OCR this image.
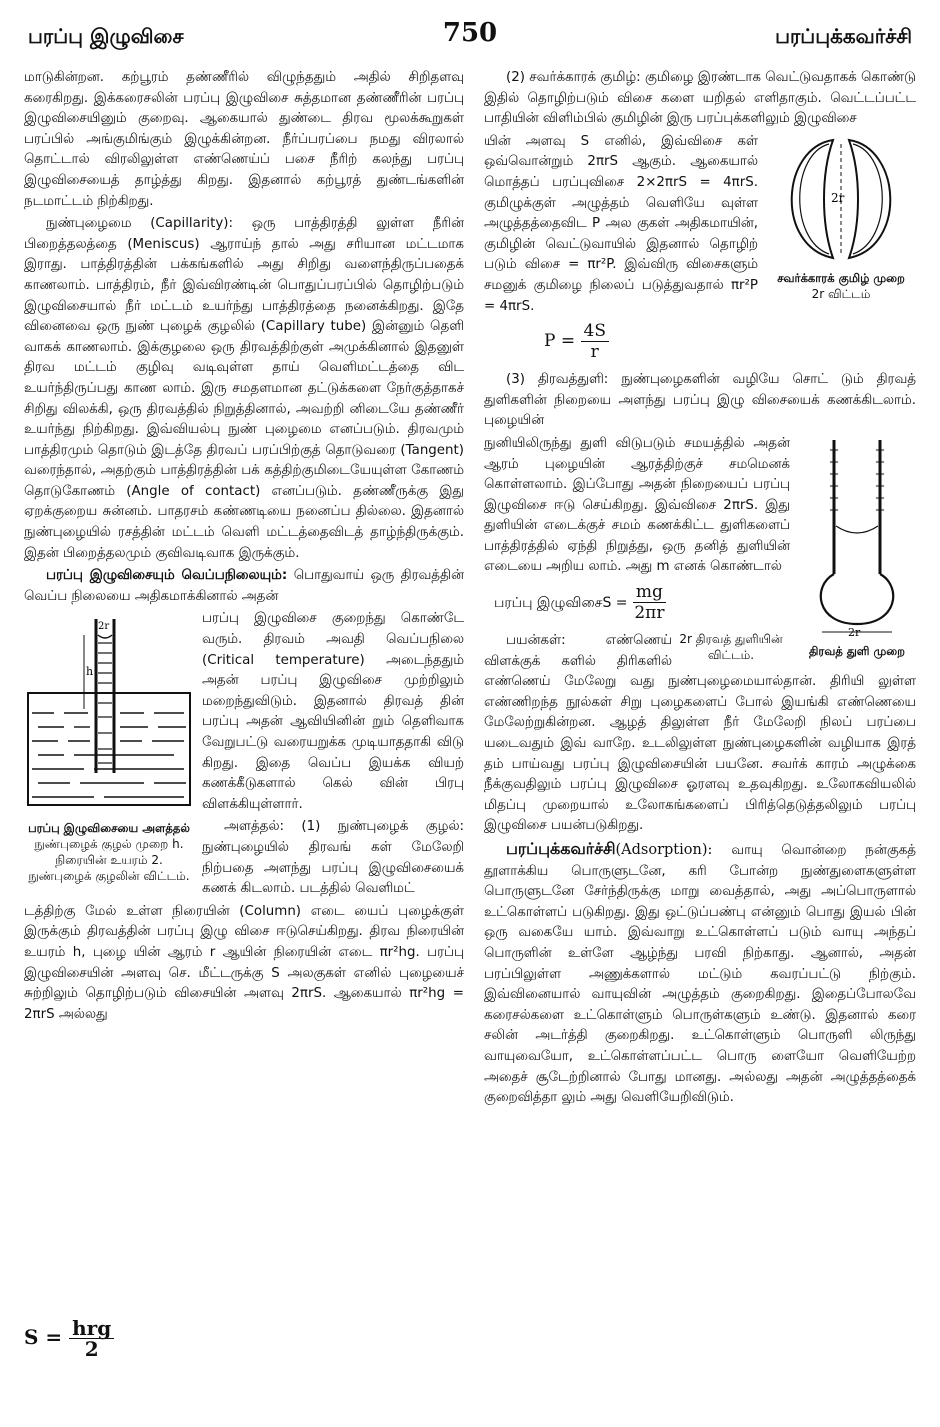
பரப்பு இழுவிசை	750	பரப்புக்கவர்ச்சி

மாடுகின்றன. கற்பூரம் தண்ணீரில் விழுந்ததும் அதில் சிறிதளவு கரைகிறது. இக்கரைசலின் பரப்பு இழுவிசை சுத்தமான தண்ணீரின் பரப்பு இழுவிசையினும் குறைவு. ஆகையால் துண்டை திரவ மூலக்கூறுகள் பரப்பில் அங்குமிங்கும் இழுக்கின்றன. நீர்ப்பரப்பை நமது விரலால் தொட்டால் விரலிலுள்ள எண்ணெய்ப் பசை நீரிற் கலந்து பரப்பு இழுவிசையைத் தாழ்த்து கிறது. இதனால் கற்பூரத் துண்டங்களின் நடமாட்டம் நிற்கிறது.

நுண்புழைமை (Capillarity): ஒரு பாத்திரத்தி லுள்ள நீரின் பிறைத்தலத்தை (Meniscus) ஆராய்ந் தால் அது சரியான மட்டமாக இராது. பாத்திரத்தின் பக்கங்களில் அது சிறிது வளைந்திருப்பதைக் காணலாம். பாத்திரம், நீர் இவ்விரண்டின் பொதுப்பரப்பில் தொழிற்படும் இழுவிசையால் நீர் மட்டம் உயர்ந்து பாத்திரத்தை நனைக்கிறது. இதே வினைவை ஒரு நுண் புழைக் குழலில் (Capillary tube) இன்னும் தெளி வாகக் காணலாம். இக்குழலை ஒரு திரவத்திற்குள் அமுக்கினால் இதனுள் திரவ மட்டம் குழிவு வடிவுள்ள தாய் வெளிமட்டத்தை விட உயர்ந்திருப்பது காண லாம். இரு சமதளமான தட்டுக்களை நேர்குத்தாகச் சிறிது விலக்கி, ஒரு திரவத்தில் நிறுத்தினால், அவற்றி னிடையே தண்ணீர் உயர்ந்து நிற்கிறது. இவ்வியல்பு நுண் புழைமை எனப்படும். திரவமும் பாத்திரமும் தொடும் இடத்தே திரவப் பரப்பிற்குத் தொடுவரை (Tangent) வரைந்தால், அதற்கும் பாத்திரத்தின் பக் கத்திற்குமிடையேயுள்ள கோணம் தொடுகோணம் (Angle of contact) எனப்படும். தண்ணீருக்கு இது ஏறக்குறைய சுன்னம். பாதரசம் கண்ணடியை நனைப்ப தில்லை. இதனால் நுண்புழையில் ரசத்தின் மட்டம் வெளி மட்டத்தைவிடத் தாழ்ந்திருக்கும். இதன் பிறைத்தலமும் குவிவடிவாக இருக்கும்.

பரப்பு இழுவிசையும் வெப்பநிலையும்: பொதுவாய் ஒரு திரவத்தின் வெப்ப நிலையை அதிகமாக்கினால் அதன்

h
2r
பரப்பு இழுவிசையை அளத்தல்
நுண்புழைக் குழல் முறை h. நிரையின் உயரம் 2. நுண்புழைக் குழலின் விட்டம்.

பரப்பு இழுவிசை குறைந்து கொண்டே வரும். திரவம் அவதி வெப்பநிலை (Critical temperature) அடைந்ததும் அதன் பரப்பு இழுவிசை முற்றிலும் மறைந்துவிடும். இதனால் திரவத் தின் பரப்பு அதன் ஆவியினின் றும் தெளிவாக வேறுபட்டு வரையறுக்க முடியாததாகி விடு கிறது. இதை வெப்ப இயக்க வியற் கணக்கீடுகளால் கெல் வின் பிரபு விளக்கியுள்ளார்.

அளத்தல்: (1) நுண்புழைக் குழல்: நுண்புழையில் திரவங் கள் மேலேறி நிற்பதை அளந்து பரப்பு இழுவிசையைக் கணக் கிடலாம். படத்தில் வெளிமட்

டத்திற்கு மேல் உள்ள நிரையின் (Column) எடை யைப் புழைக்குள் இருக்கும் திரவத்தின் பரப்பு இழு விசை ஈடுசெய்கிறது. திரவ நிரையின் உயரம் h, புழை யின் ஆரம் r ஆயின் நிரையின் எடை πr²hg. பரப்பு இழுவிசையின் அளவு செ. மீட்டருக்கு S அலகுகள் எனில் புழையைச் சுற்றிலும் தொழிற்படும் விசையின் அளவு 2πrS. ஆகையால் πr²hg = 2πrS அல்லது

$S = \frac{\text{hrg}}{2}$

(2) சவர்க்காரக் குமிழ்: குமிழை இரண்டாக வெட்டுவதாகக் கொண்டு இதில் தொழிற்படும் விசை களை யறிதல் எளிதாகும். வெட்டப்பட்ட பாதியின் விளிம்பில் குமிழின் இரு பரப்புக்களிலும் இழுவிசை

2r
சவர்க்காரக் குமிழ் முறை
2r விட்டம்

யின் அளவு S எனில், இவ்விசை கள் ஒவ்வொன்றும் 2πrS ஆகும். ஆகையால் மொத்தப் பரப்புவிசை 2×2πrS = 4πrS. குமிழுக்குள் அழுத்தம் வெளியே வுள்ள அழுத்தத்தைவிட P அல குகள் அதிகமாயின், குமிழின் வெட்டுவாயில் இதனால் தொழிற் படும் விசை = πr²P. இவ்விரு விசைகளும் சமனுக் குமிழை நிலைப் படுத்துவதால் πr²P = 4πrS.

$P = \frac{4S}{r}$

(3) திரவத்துளி: நுண்புழைகளின் வழியே சொட் டும் திரவத் துளிகளின் நிறையை அளந்து பரப்பு இழு விசையைக் கணக்கிடலாம். புழையின்

2r
திரவத் துளி முறை

நுனியிலிருந்து துளி விடுபடும் சமயத்தில் அதன் ஆரம் புழையின் ஆரத்திற்குச் சமமெனக் கொள்ளலாம். இப்போது அதன் நிறையைப் பரப்பு இழுவிசை ஈடு செய்கிறது. இவ்விசை 2πrS. இது துளியின் எடைக்குச் சமம் கணக்கிட்ட துளிகளைப் பாத்திரத்தில் ஏந்தி நிறுத்து, ஒரு தனித் துளியின் எடையை அறிய லாம். அது m எனக் கொண்டால்

பரப்பு இழுவிசைS = $\frac{mg}{2\pi r}$
2r திரவத் துளியின் விட்டம்.

பயன்கள்: எண்ணெய் விளக்குக் களில் திரிகளில் எண்ணெய் மேலேறு வது நுண்புழைமையால்தான். திரியி லுள்ள எண்ணிறந்த நூல்கள் சிறு புழைகளைப் போல் இயங்கி எண்ணெயை மேலேற்றுகின்றன. ஆழத் திலுள்ள நீர் மேலேறி நிலப் பரப்பை யடைவதும் இவ் வாறே. உடலிலுள்ள நுண்புழைகளின் வழியாக இரத் தம் பாய்வது பரப்பு இழுவிசையின் பயனே. சவர்க் காரம் அழுக்கை நீக்குவதிலும் பரப்பு இழுவிசை ஓரளவு உதவுகிறது. உலோகவியலில் மிதப்பு முறையால் உலோகங்களைப் பிரித்தெடுத்தலிலும் பரப்பு இழுவிசை பயன்படுகிறது.

பரப்புக்கவர்ச்சி(Adsorption): வாயு வொன்றை நன்குகத் தூளாக்கிய பொருளுடனே, கரி போன்ற நுண்துளைகளுள்ள பொருளுடனே சேர்ந்திருக்கு மாறு வைத்தால், அது அப்பொருளால் உட்கொள்ளப் படுகிறது. இது ஒட்டுப்பண்பு என்னும் பொது இயல் பின் ஒரு வகையே யாம். இவ்வாறு உட்கொள்ளப் படும் வாயு அந்தப் பொருளின் உள்ளே ஆழ்ந்து பரவி நிற்காது. ஆனால், அதன் பரப்பிலுள்ள அணுக்களால் மட்டும் கவரப்பட்டு நிற்கும். இவ்வினையால் வாயுவின் அழுத்தம் குறைகிறது. இதைப்போலவே கரைசல்களை உட்கொள்ளும் பொருள்களும் உண்டு. இதனால் கரை சலின் அடர்த்தி குறைகிறது. உட்கொள்ளும் பொருளி லிருந்து வாயுவையோ, உட்கொள்ளப்பட்ட பொரு ளையோ வெளியேற்ற அதைச் சூடேற்றினால் போது மானது. அல்லது அதன் அழுத்தத்தைக் குறைவித்தா லும் அது வெளியேறிவிடும்.
